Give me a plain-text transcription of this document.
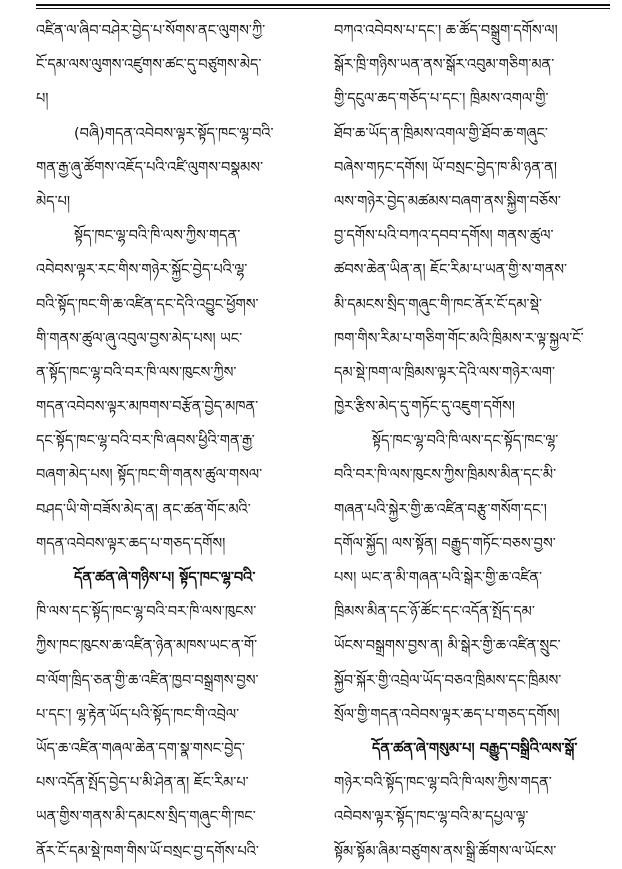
འཛིན་ལ་ཞིབ་བཤེར་བྱེད་པ་སོགས་ནང་ལུགས་ཀྱི་
ངོ་དམ་ལས་ལུགས་འཛུགས་ཚང་དུ་བཙུགས་མེད་
པ།
(བཞི)གདན་འབེབས་ལྟར་སྟོད་ཁང་ལྷ་བའི་
གན་རྒྱ་ཞུ་ཚོགས་འཇོད་པའི་འཛི་ལུགས་བསྣམས་
མེད་པ།
སྟོད་ཁང་ལྷ་བའི་ཁི་ལས་ཀྱིས་གདན་
འབེབས་ལྟར་རང་གིས་གཉེར་སྐྱོང་བྱེད་པའི་ལྷ་
བའི་སྟོད་ཁང་གི་ཆ་འཛིན་དང་དེའི་འབྱུང་ཕྱོགས་
གི་གནས་ཚུལ་ཞུ་འབུལ་བྱས་མེད་པས། ཡང་
ན་སྟོད་ཁང་ལྷ་བའི་བར་ཁི་ལས་ཁུངས་ཀྱིས་
གདན་འབེབས་ལྟར་མཁགས་བརྩོན་བྱེད་མཁན་
དང་སྟོད་ཁང་ལྷ་བའི་བར་ཁི་ཞབས་ཕྱིའི་གན་རྒྱ་
བཞག་མེད་པས། སྟོད་ཁང་གི་གནས་ཚུལ་གསལ་
བཤད་ཡི་གེ་བཟོས་མེད་ན། ནང་ཚན་གོང་མའི་
གདན་འབེབས་ལྟར་ཆད་པ་གཅད་དགོས།
དོན་ཚན་ཞེ་གཉིས་པ། སྟོད་ཁང་ལྷ་བའི་
ཁི་ལས་དང་སྟོད་ཁང་ལྷ་བའི་བར་ཁི་ལས་ཁུངས་
ཀྱིས་ཁང་ཁུངས་ཆ་འཛིན་ཉེན་མཁས་ཡང་ན་གོ་
བ་ལོག་ཁྲིད་ཅན་གྱི་ཆ་འཛིན་ཁྱབ་བསྒྲགས་བྱས་
པ་དང་། ལྷ་རྟེན་ཡོད་པའི་སྟོད་ཁང་གི་འབྲེལ་
ཡོད་ཆ་འཛིན་གཞལ་ཆེན་དག་སྣ་གསང་བྱེད་
པས་འདོན་སྤོད་བྱེད་པ་མི་ཤེན་ན། ཇོང་རིམ་པ་
ཡན་གྱིས་གནས་མི་དམངས་སྲིད་གཞུང་གི་ཁང་
ནོར་ངོ་དམ་སྡེ་ཁག་གིས་ཡོ་བསྲང་བྱ་དགོས་པའི་
བཀའ་འབེབས་པ་དང་། ཆ་ཚོད་བསྒྲུག་དགོས་ལ།
སྒོར་ཁྲི་གཉིས་ཡན་ནས་སྒོར་འབུམ་གཅིག་མན་
གྱི་དངུལ་ཆད་གཅོད་པ་དང་། ཁྲིམས་འགལ་གྱི་
ཐོབ་ཆ་ཡོད་ན་ཁྲིམས་འགལ་གྱི་ཐོབ་ཆ་གཞུང་
བཞེས་གཏང་དགོས། ཡོ་བསྲང་བྱེད་ཁ་མི་ཉན་ན།
ལས་གཉེར་བྱེད་མཚམས་བཞག་ནས་སྐྱིག་བཅོས་
བྱ་དགོས་པའི་བཀའ་དབབ་དགོས། གནས་ཚུལ་
ཚབས་ཆེན་ཡིན་ན། ཇོང་རིམ་པ་ཡན་གྱི་ས་གནས་
མི་དམངས་སྲིད་གཞུང་གི་ཁང་ནོར་ངོ་དམ་སྡེ་
ཁག་གིས་རིམ་པ་གཅིག་གོང་མའི་ཁྲིམས་ར་ལྟ་སྐྱལ་ངོ་
དམ་སྡེ་ཁག་ལ་ཁྲིམས་ལྟར་དེའི་ལས་གཉེར་ལག་
ཁྱེར་རྩིས་མེད་དུ་གཏོང་དུ་འཇུག་དགོས།
སྟོད་ཁང་ལྷ་བའི་ཁི་ལས་དང་སྟོད་ཁང་ལྷ་
བའི་བར་ཁི་ལས་ཁུངས་ཀྱིས་ཁྲིམས་མིན་དང་མི་
གཞན་པའི་སྐྱེར་གྱི་ཆ་འཛིན་བརྩུ་གསོག་དང་།
དགོལ་སྐྱོད། ལས་སྟོན། བརྒྱུད་གཏོང་བཅས་བྱས་
པས། ཡང་ན་མི་གཞན་པའི་སྒེར་གྱི་ཆ་འཛིན་
ཁྲིམས་མིན་དང་ཉོ་ཚོང་དང་འདོན་སྤོད་དམ་
ཡོངས་བསྒྲགས་བྱས་ན། མི་སྒེར་གྱི་ཆ་འཛིན་སྲུང་
སྐྱོབ་སྐོར་གྱི་འབྲེལ་ཡོད་བཅའ་ཁྲིམས་དང་ཁྲིམས་
སྲོལ་གྱི་གདན་འབེབས་ལྟར་ཆད་པ་གཅད་དགོས།
དོན་ཚན་ཞེ་གསུམ་པ། བརྒྱུད་བསྒྲིའི་ལས་སྒོ་
གཉེར་བའི་སྟོད་ཁང་ལྷ་བའི་ཁི་ལས་ཀྱིས་གདན་
འབེབས་ལྟར་སྟོད་ཁང་ལྷ་བའི་མ་དཔྱལ་ལྟ་
སྟོམ་སྟོམ་ཞིམ་བཙུགས་ནས་སྒྲི་ཚོགས་ལ་ཡོངས་
